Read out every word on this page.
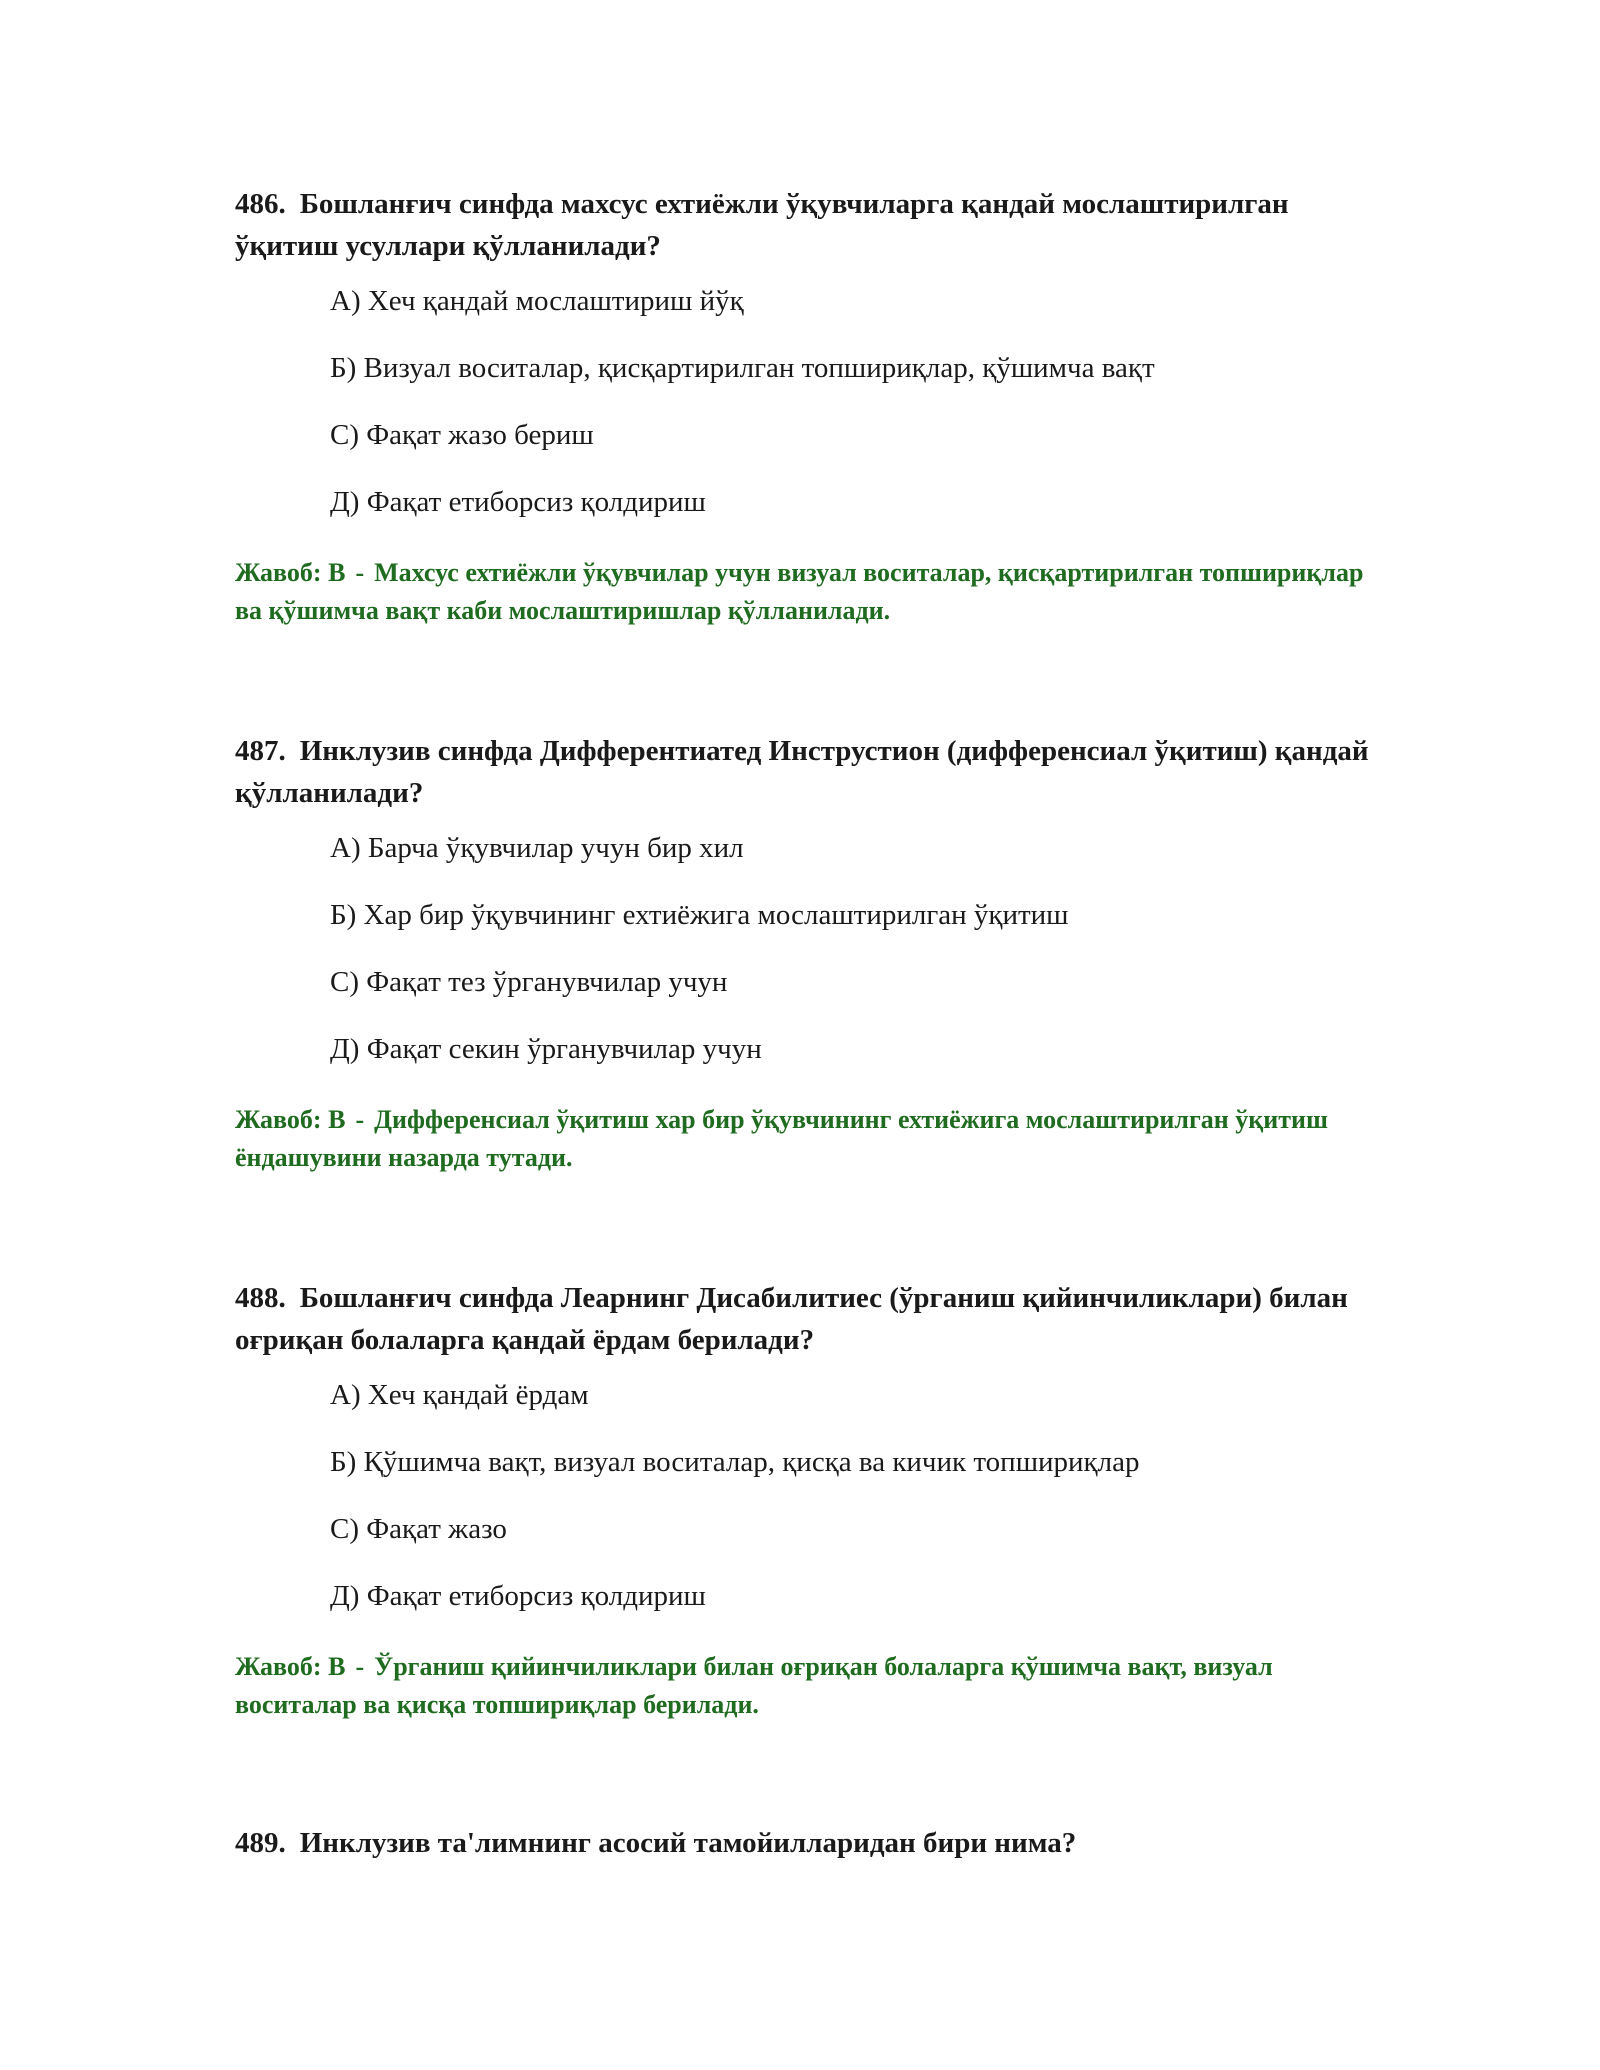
486. Бошланғич синфда махсус ехтиёжли ўқувчиларга қандай мослаштирилган ўқитиш усуллари қўлланилади?

А) Хеч қандай мослаштириш йўқ
Б) Визуал воситалар, қисқартирилган топшириқлар, қўшимча вақт
С) Фақат жазо бериш
Д) Фақат етиборсиз қолдириш

Жавоб: В - Махсус ехтиёжли ўқувчилар учун визуал воситалар, қисқартирилган топшириқлар ва қўшимча вақт каби мослаштиришлар қўлланилади.

487. Инклузив синфда Дифферентиатед Инструстион (дифференсиал ўқитиш) қандай қўлланилади?

А) Барча ўқувчилар учун бир хил
Б) Хар бир ўқувчининг ехтиёжига мослаштирилган ўқитиш
С) Фақат тез ўрганувчилар учун
Д) Фақат секин ўрганувчилар учун

Жавоб: В - Дифференсиал ўқитиш хар бир ўқувчининг ехтиёжига мослаштирилган ўқитиш ёндашувини назарда тутади.

488. Бошланғич синфда Леарнинг Дисабилитиес (ўрганиш қийинчиликлари) билан оғриқан болаларга қандай ёрдам берилади?

А) Хеч қандай ёрдам
Б) Қўшимча вақт, визуал воситалар, қисқа ва кичик топшириқлар
С) Фақат жазо
Д) Фақат етиборсиз қолдириш

Жавоб: В - Ўрганиш қийинчиликлари билан оғриқан болаларга қўшимча вақт, визуал воситалар ва қисқа топшириқлар берилади.

489. Инклузив та'лимнинг асосий тамойилларидан бири нима?
